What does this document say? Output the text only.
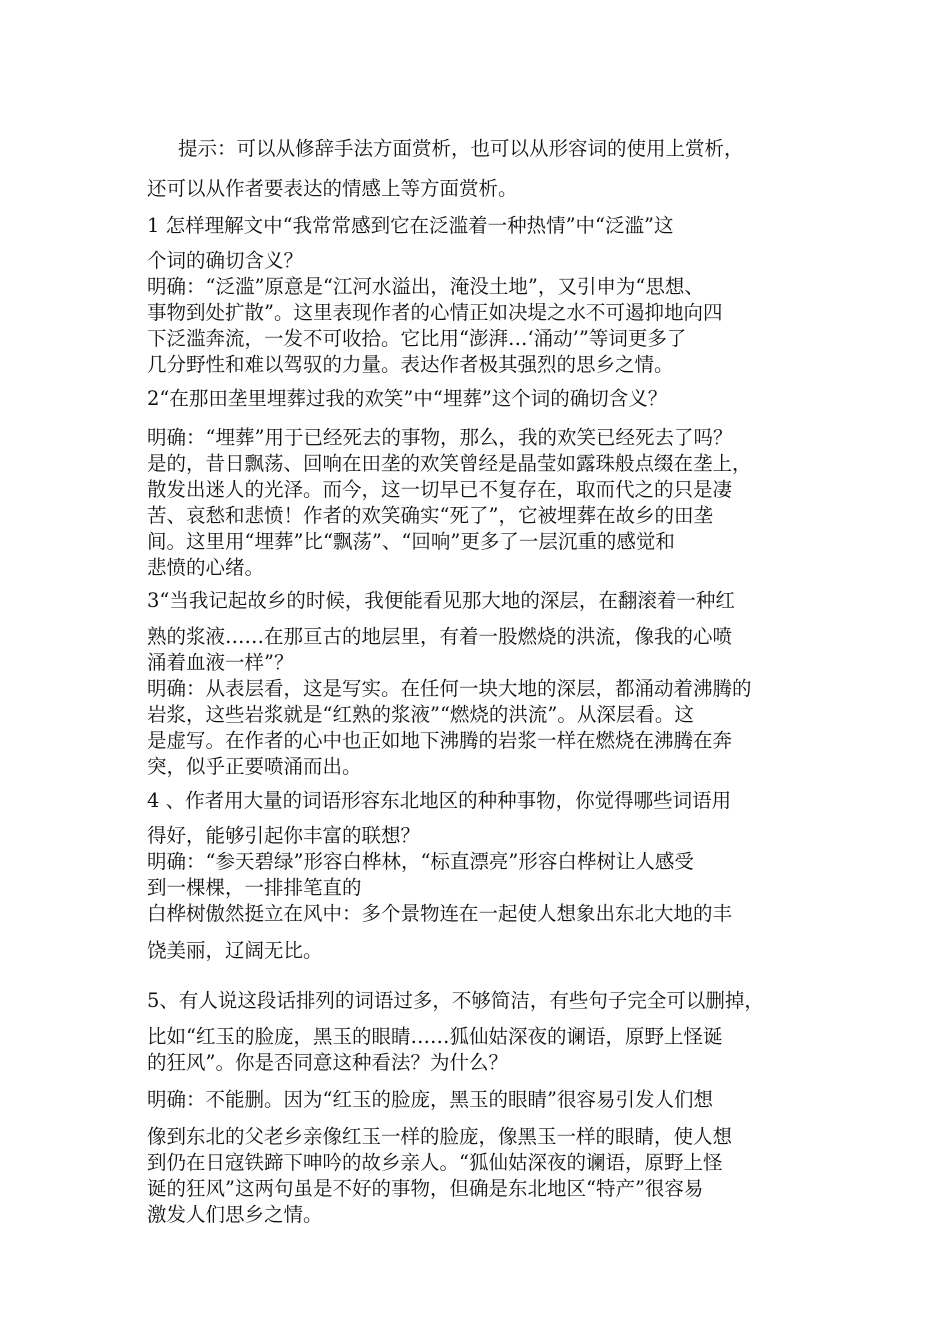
提示：可以从修辞手法方面赏析，也可以从形容词的使用上赏析，
还可以从作者要表达的情感上等方面赏析。
1 怎样理解文中“我常常感到它在泛滥着一种热情”中“泛滥”这
个词的确切含义？
明确：“泛滥”原意是“江河水溢出，淹没土地”，又引申为“思想、
事物到处扩散”。这里表现作者的心情正如决堤之水不可遏抑地向四
下泛滥奔流，一发不可收拾。它比用“澎湃…‘涌动’”等词更多了
几分野性和难以驾驭的力量。表达作者极其强烈的思乡之情。
2“在那田垄里埋葬过我的欢笑”中“埋葬”这个词的确切含义？
明确：“埋葬”用于已经死去的事物，那么，我的欢笑已经死去了吗？
是的，昔日飘荡、回响在田垄的欢笑曾经是晶莹如露珠般点缀在垄上，
散发出迷人的光泽。而今，这一切早已不复存在，取而代之的只是凄
苦、哀愁和悲愤！作者的欢笑确实“死了”，它被埋葬在故乡的田垄
间。这里用“埋葬”比“飘荡”、“回响”更多了一层沉重的感觉和
悲愤的心绪。
3“当我记起故乡的时候，我便能看见那大地的深层，在翻滚着一种红
熟的浆液……在那亘古的地层里，有着一股燃烧的洪流，像我的心喷
涌着血液一样”？
明确：从表层看，这是写实。在任何一块大地的深层，都涌动着沸腾的
岩浆，这些岩浆就是“红熟的浆液”“燃烧的洪流”。从深层看。这
是虚写。在作者的心中也正如地下沸腾的岩浆一样在燃烧在沸腾在奔
突，似乎正要喷涌而出。
4 、作者用大量的词语形容东北地区的种种事物，你觉得哪些词语用
得好，能够引起你丰富的联想？
明确：“参天碧绿”形容白桦林，“标直漂亮”形容白桦树让人感受
到一棵棵，一排排笔直的
白桦树傲然挺立在风中：多个景物连在一起使人想象出东北大地的丰
饶美丽，辽阔无比。
5、有人说这段话排列的词语过多，不够简洁，有些句子完全可以删掉，
比如“红玉的脸庞，黑玉的眼睛……狐仙姑深夜的谰语，原野上怪诞
的狂风”。你是否同意这种看法？为什么？
明确：不能删。因为“红玉的脸庞，黑玉的眼睛”很容易引发人们想
像到东北的父老乡亲像红玉一样的脸庞，像黑玉一样的眼睛，使人想
到仍在日寇铁蹄下呻吟的故乡亲人。“狐仙姑深夜的谰语，原野上怪
诞的狂风”这两句虽是不好的事物，但确是东北地区“特产”很容易
激发人们思乡之情。
